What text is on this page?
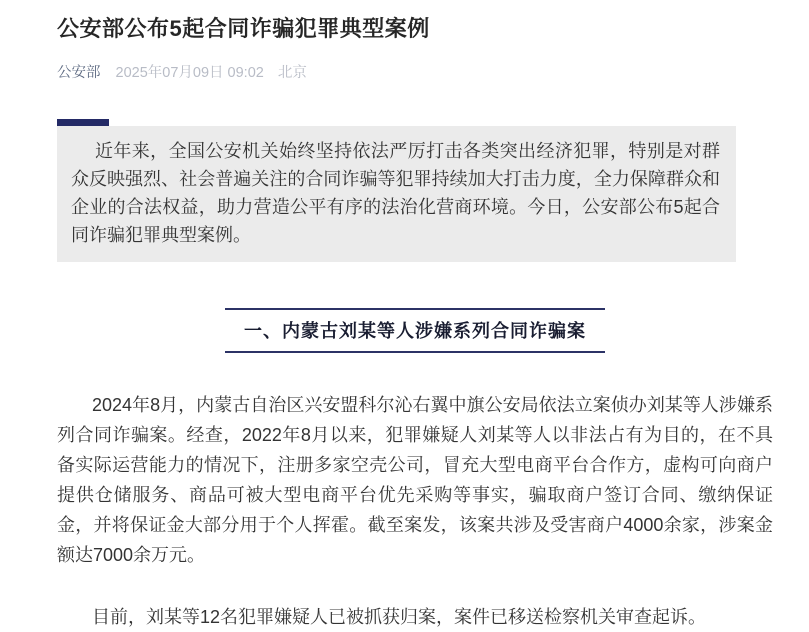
公安部公布5起合同诈骗犯罪典型案例
公安部 2025年07月09日 09:02 北京

近年来，全国公安机关始终坚持依法严厉打击各类突出经济犯罪，特别是对群众反映强烈、社会普遍关注的合同诈骗等犯罪持续加大打击力度，全力保障群众和企业的合法权益，助力营造公平有序的法治化营商环境。今日，公安部公布5起合同诈骗犯罪典型案例。

一、内蒙古刘某等人涉嫌系列合同诈骗案

2024年8月，内蒙古自治区兴安盟科尔沁右翼中旗公安局依法立案侦办刘某等人涉嫌系列合同诈骗案。经查，2022年8月以来，犯罪嫌疑人刘某等人以非法占有为目的，在不具备实际运营能力的情况下，注册多家空壳公司，冒充大型电商平台合作方，虚构可向商户提供仓储服务、商品可被大型电商平台优先采购等事实，骗取商户签订合同、缴纳保证金，并将保证金大部分用于个人挥霍。截至案发，该案共涉及受害商户4000余家，涉案金额达7000余万元。

目前，刘某等12名犯罪嫌疑人已被抓获归案，案件已移送检察机关审查起诉。
